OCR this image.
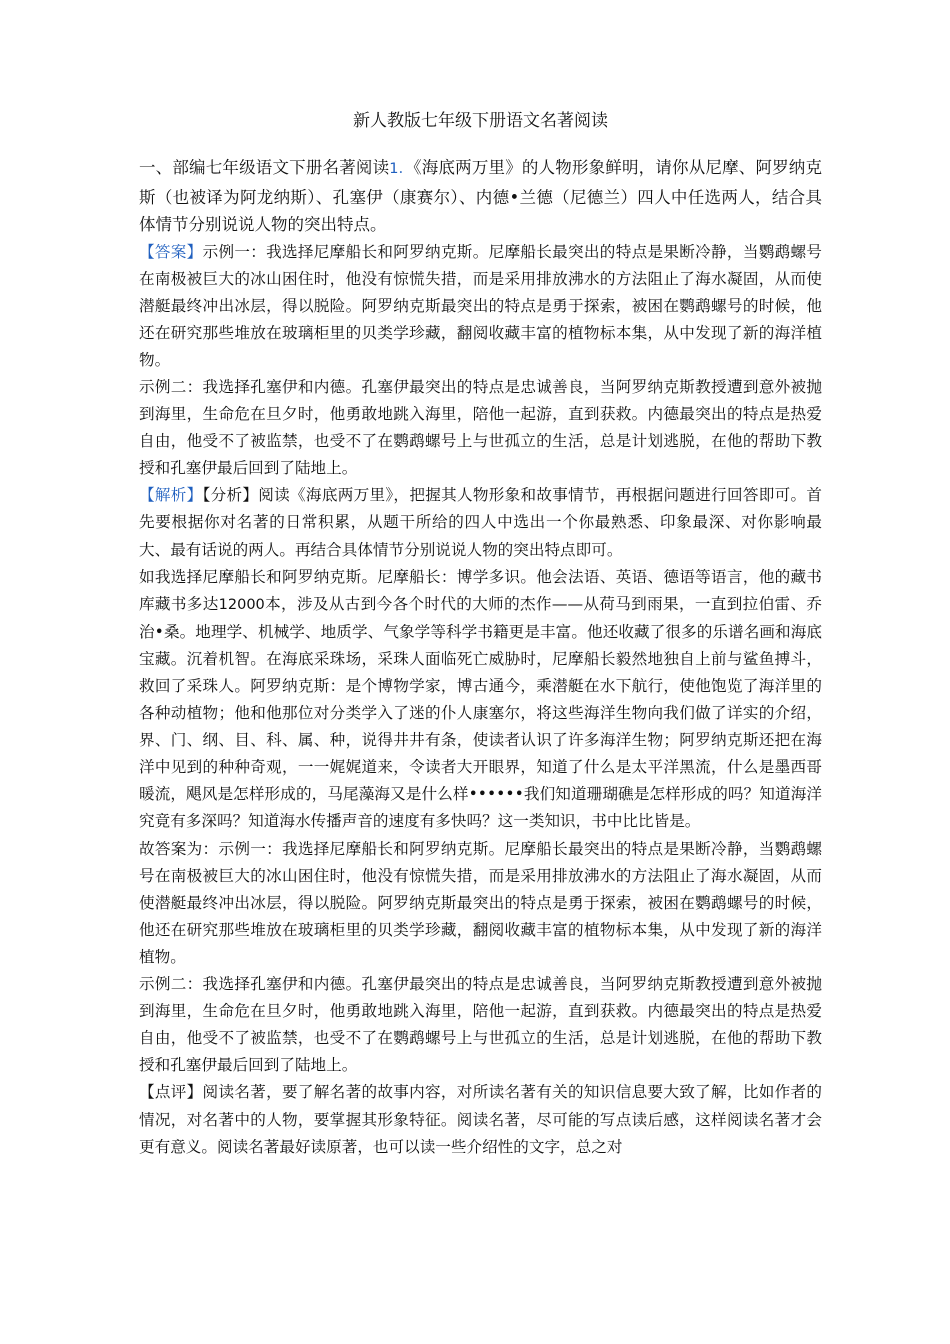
新人教版七年级下册语文名著阅读

一、部编七年级语文下册名著阅读1．《海底两万里》的人物形象鲜明，请你从尼摩、阿罗纳克斯（也被译为阿龙纳斯）、孔塞伊（康赛尔）、内德•兰德（尼德兰）四人中任选两人，结合具体情节分别说说人物的突出特点。

【答案】示例一：我选择尼摩船长和阿罗纳克斯。尼摩船长最突出的特点是果断冷静，当鹦鹉螺号在南极被巨大的冰山困住时，他没有惊慌失措，而是采用排放沸水的方法阻止了海水凝固，从而使潜艇最终冲出冰层，得以脱险。阿罗纳克斯最突出的特点是勇于探索，被困在鹦鹉螺号的时候，他还在研究那些堆放在玻璃柜里的贝类学珍藏，翻阅收藏丰富的植物标本集，从中发现了新的海洋植物。

示例二：我选择孔塞伊和内德。孔塞伊最突出的特点是忠诚善良，当阿罗纳克斯教授遭到意外被抛到海里，生命危在旦夕时，他勇敢地跳入海里，陪他一起游，直到获救。内德最突出的特点是热爱自由，他受不了被监禁，也受不了在鹦鹉螺号上与世孤立的生活，总是计划逃脱，在他的帮助下教授和孔塞伊最后回到了陆地上。

【解析】【分析】阅读《海底两万里》，把握其人物形象和故事情节，再根据问题进行回答即可。首先要根据你对名著的日常积累，从题干所给的四人中选出一个你最熟悉、印象最深、对你影响最大、最有话说的两人。再结合具体情节分别说说人物的突出特点即可。

如我选择尼摩船长和阿罗纳克斯。尼摩船长：博学多识。他会法语、英语、德语等语言，他的藏书库藏书多达12000本，涉及从古到今各个时代的大师的杰作——从荷马到雨果，一直到拉伯雷、乔治•桑。地理学、机械学、地质学、气象学等科学书籍更是丰富。他还收藏了很多的乐谱名画和海底宝藏。沉着机智。在海底采珠场，采珠人面临死亡威胁时，尼摩船长毅然地独自上前与鲨鱼搏斗，救回了采珠人。阿罗纳克斯：是个博物学家，博古通今，乘潜艇在水下航行，使他饱览了海洋里的各种动植物；他和他那位对分类学入了迷的仆人康塞尔，将这些海洋生物向我们做了详实的介绍，界、门、纲、目、科、属、种，说得井井有条，使读者认识了许多海洋生物；阿罗纳克斯还把在海洋中见到的种种奇观，一一娓娓道来，令读者大开眼界，知道了什么是太平洋黑流，什么是墨西哥暖流，飓风是怎样形成的，马尾藻海又是什么样••••••我们知道珊瑚礁是怎样形成的吗？知道海洋究竟有多深吗？知道海水传播声音的速度有多快吗？这一类知识，书中比比皆是。

故答案为：示例一：我选择尼摩船长和阿罗纳克斯。尼摩船长最突出的特点是果断冷静，当鹦鹉螺号在南极被巨大的冰山困住时，他没有惊慌失措，而是采用排放沸水的方法阻止了海水凝固，从而使潜艇最终冲出冰层，得以脱险。阿罗纳克斯最突出的特点是勇于探索，被困在鹦鹉螺号的时候，他还在研究那些堆放在玻璃柜里的贝类学珍藏，翻阅收藏丰富的植物标本集，从中发现了新的海洋植物。

示例二：我选择孔塞伊和内德。孔塞伊最突出的特点是忠诚善良，当阿罗纳克斯教授遭到意外被抛到海里，生命危在旦夕时，他勇敢地跳入海里，陪他一起游，直到获救。内德最突出的特点是热爱自由，他受不了被监禁，也受不了在鹦鹉螺号上与世孤立的生活，总是计划逃脱，在他的帮助下教授和孔塞伊最后回到了陆地上。

【点评】阅读名著，要了解名著的故事内容，对所读名著有关的知识信息要大致了解，比如作者的情况，对名著中的人物，要掌握其形象特征。阅读名著，尽可能的写点读后感，这样阅读名著才会更有意义。阅读名著最好读原著，也可以读一些介绍性的文字，总之对
